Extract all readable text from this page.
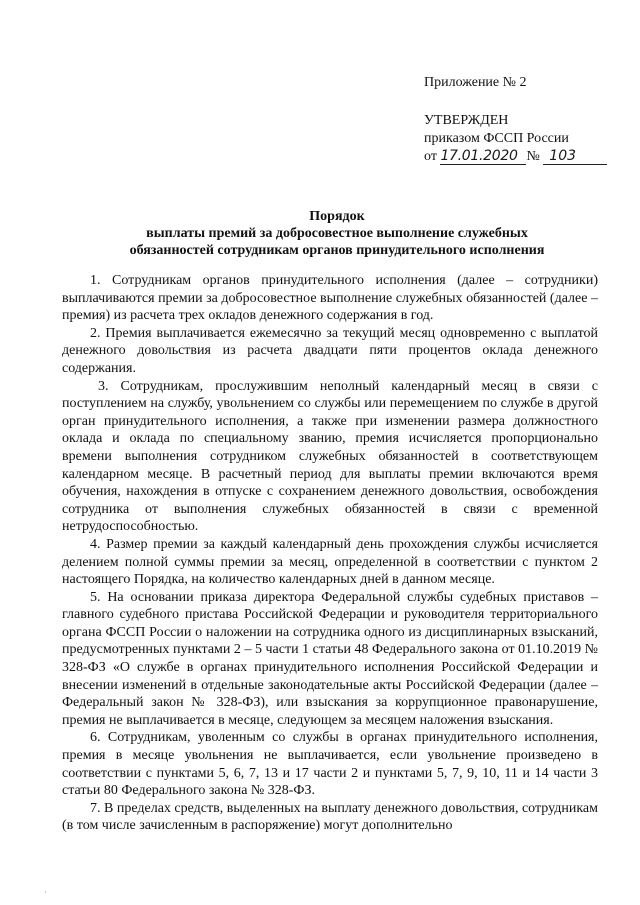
Приложение № 2
УТВЕРЖДЕН
приказом ФССП России
от 17.01.2020 № 103
Порядок
выплаты премий за добросовестное выполнение служебных
обязанностей сотрудникам органов принудительного исполнения

1. Сотрудникам органов принудительного исполнения (далее – сотрудники) выплачиваются премии за добросовестное выполнение служебных обязанностей (далее – премия) из расчета трех окладов денежного содержания в год.

2. Премия выплачивается ежемесячно за текущий месяц одновременно с выплатой денежного довольствия из расчета двадцати пяти процентов оклада денежного содержания.

3. Сотрудникам, прослужившим неполный календарный месяц в связи с поступлением на службу, увольнением со службы или перемещением по службе в другой орган принудительного исполнения, а также при изменении размера должностного оклада и оклада по специальному званию, премия исчисляется пропорционально времени выполнения сотрудником служебных обязанностей в соответствующем календарном месяце. В расчетный период для выплаты премии включаются время обучения, нахождения в отпуске с сохранением денежного довольствия, освобождения сотрудника от выполнения служебных обязанностей в связи с временной нетрудоспособностью.

4. Размер премии за каждый календарный день прохождения службы исчисляется делением полной суммы премии за месяц, определенной в соответствии с пунктом 2 настоящего Порядка, на количество календарных дней в данном месяце.

5. На основании приказа директора Федеральной службы судебных приставов – главного судебного пристава Российской Федерации и руководителя территориального органа ФССП России о наложении на сотрудника одного из дисциплинарных взысканий, предусмотренных пунктами 2 – 5 части 1 статьи 48 Федерального закона от 01.10.2019 № 328-ФЗ «О службе в органах принудительного исполнения Российской Федерации и внесении изменений в отдельные законодательные акты Российской Федерации (далее – Федеральный закон № 328-ФЗ), или взыскания за коррупционное правонарушение, премия не выплачивается в месяце, следующем за месяцем наложения взыскания.

6. Сотрудникам, уволенным со службы в органах принудительного исполнения, премия в месяце увольнения не выплачивается, если увольнение произведено в соответствии с пунктами 5, 6, 7, 13 и 17 части 2 и пунктами 5, 7, 9, 10, 11 и 14 части 3 статьи 80 Федерального закона № 328-ФЗ.

7. В пределах средств, выделенных на выплату денежного довольствия, сотрудникам (в том числе зачисленным в распоряжение) могут дополнительно

·
